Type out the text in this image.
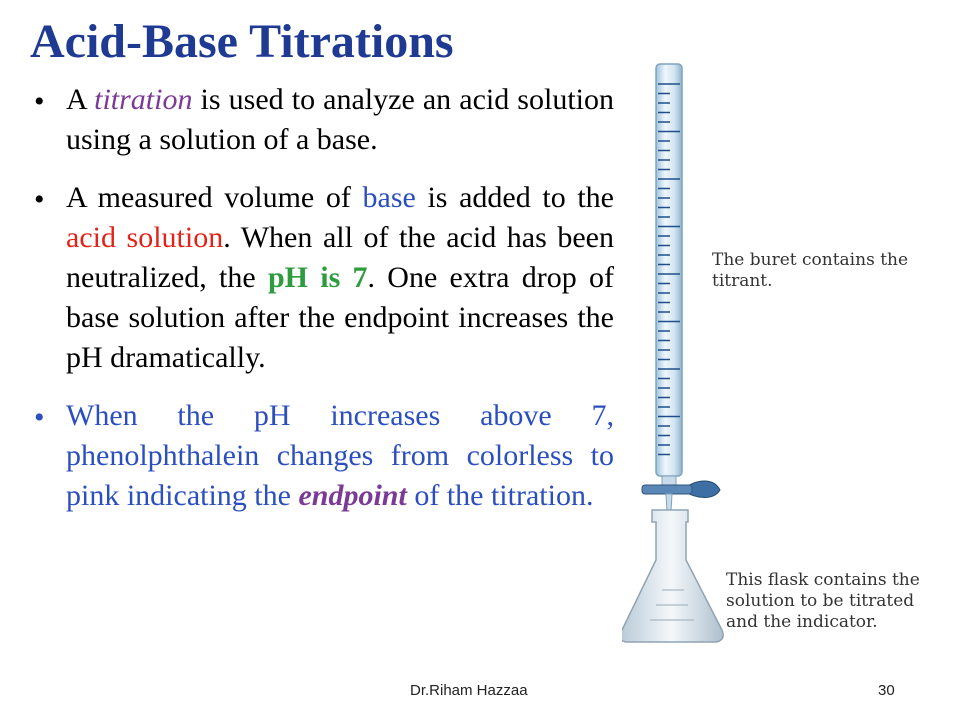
Acid-Base Titrations
• A titration is used to analyze an acid solution using a solution of a base.
• A measured volume of base is added to the acid solution. When all of the acid has been neutralized, the pH is 7. One extra drop of base solution after the endpoint increases the pH dramatically.
• When the pH increases above 7, phenolphthalein changes from colorless to pink indicating the endpoint of the titration.
The buret contains the titrant.
This flask contains the solution to be titrated and the indicator.
Dr.Riham Hazzaa	30
